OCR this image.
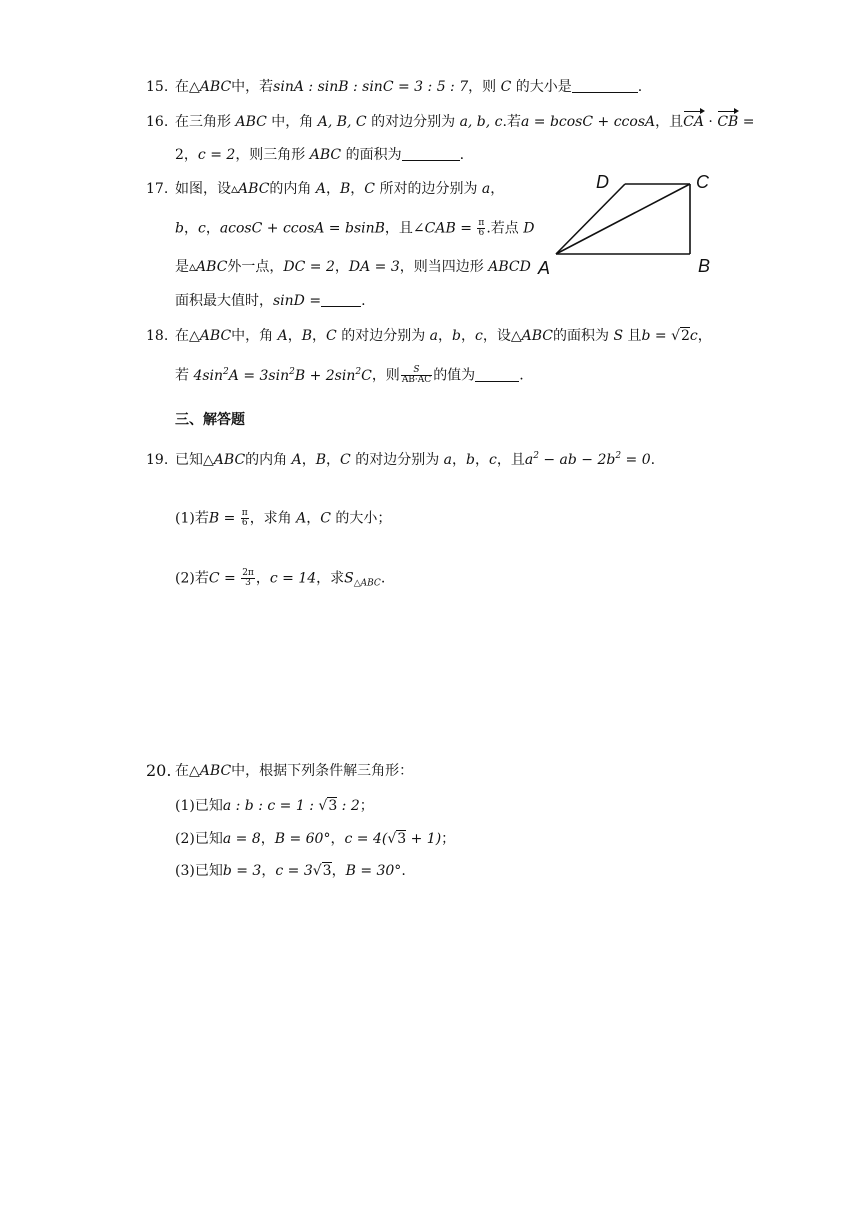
15. 在△ABC中，若sinA : sinB : sinC = 3 : 5 : 7，则 C 的大小是	.
16. 在三角形 ABC 中，角 A, B, C 的对边分别为 a, b, c.若a = bcosC + ccosA，且CA · CB =
2，c = 2，则三角形 ABC 的面积为	.
17. 如图，设▵ABC的内角 A，B，C 所对的边分别为 a，
b，c，acosC + ccosA = bsinB，且∠CAB = $\frac{\pi}{6}$ .若点 D
是▵ABC外一点，DC = 2，DA = 3，则当四边形 ABCD
面积最大值时，sinD =	.
A	B
C
D
18. 在△ABC中，角 A，B，C 的对边分别为 a，b，c，设△ABC的面积为 S 且b = √2c，
若 $4\sin^2A = 3\sin^2B + 2\sin^2C$，则 $\frac{S}{AB\cdot AC}$ 的值为	.
三、解答题
19. 已知△ABC的内角 A，B，C 的对边分别为 a，b，c，且$a^2$ − ab − $2b^2 = 0$.
(1)若$B = \frac{\pi}{6}$ ，求角 A，C 的大小；
(2)若$C = \frac{2\pi}{3}$ ，c = 14，求$S_{\triangle ABC}$.
20. 在△ABC中，根据下列条件解三角形：
(1)已知a : b : c = 1 : √3 : 2；
(2)已知a = 8，B = 60°，c = 4(√3 + 1)；
(3)已知b = 3，c = 3√3，B = 30°.
